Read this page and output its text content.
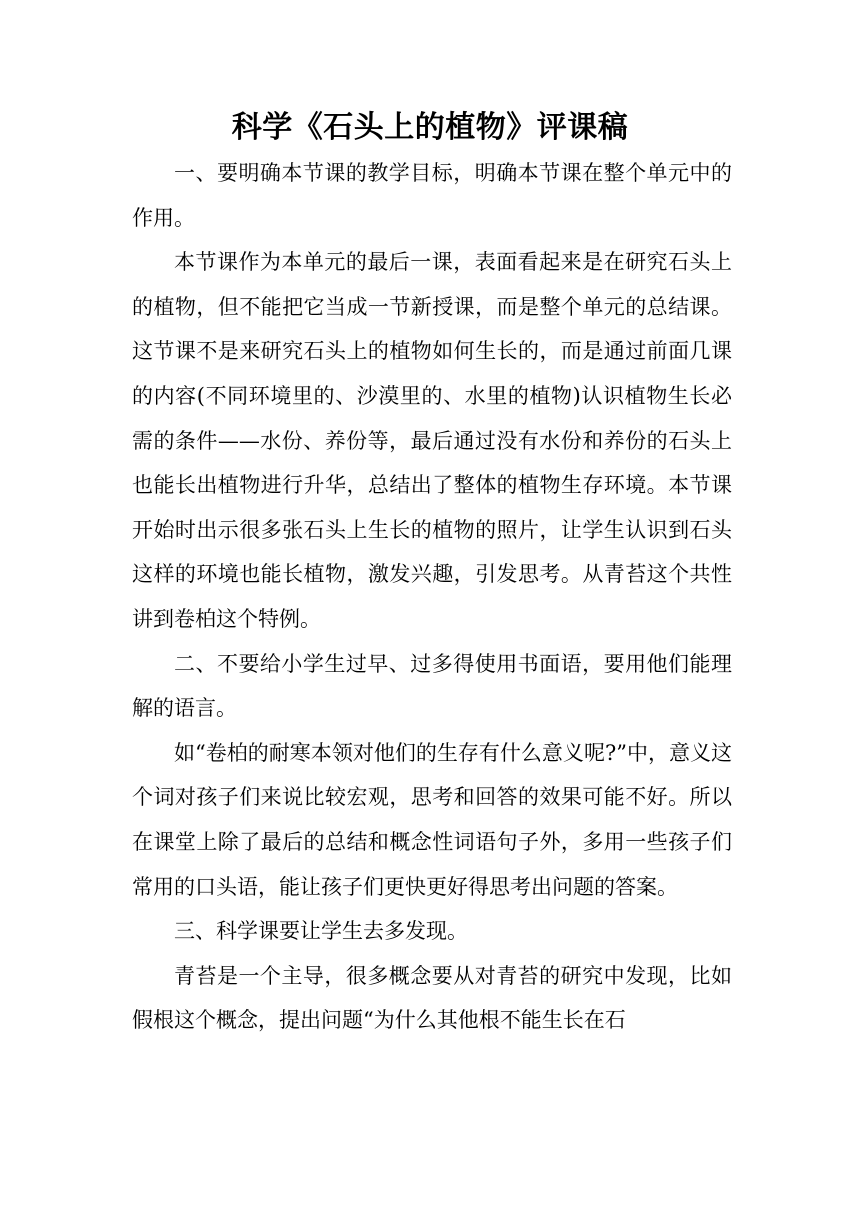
科学《石头上的植物》评课稿

一、要明确本节课的教学目标，明确本节课在整个单元中的作用。

本节课作为本单元的最后一课，表面看起来是在研究石头上的植物，但不能把它当成一节新授课，而是整个单元的总结课。这节课不是来研究石头上的植物如何生长的，而是通过前面几课的内容(不同环境里的、沙漠里的、水里的植物)认识植物生长必需的条件——水份、养份等，最后通过没有水份和养份的石头上也能长出植物进行升华，总结出了整体的植物生存环境。本节课开始时出示很多张石头上生长的植物的照片，让学生认识到石头这样的环境也能长植物，激发兴趣，引发思考。从青苔这个共性讲到卷柏这个特例。

二、不要给小学生过早、过多得使用书面语，要用他们能理解的语言。

如“卷柏的耐寒本领对他们的生存有什么意义呢?”中，意义这个词对孩子们来说比较宏观，思考和回答的效果可能不好。所以在课堂上除了最后的总结和概念性词语句子外，多用一些孩子们常用的口头语，能让孩子们更快更好得思考出问题的答案。

三、科学课要让学生去多发现。

青苔是一个主导，很多概念要从对青苔的研究中发现，比如假根这个概念，提出问题“为什么其他根不能生长在石
